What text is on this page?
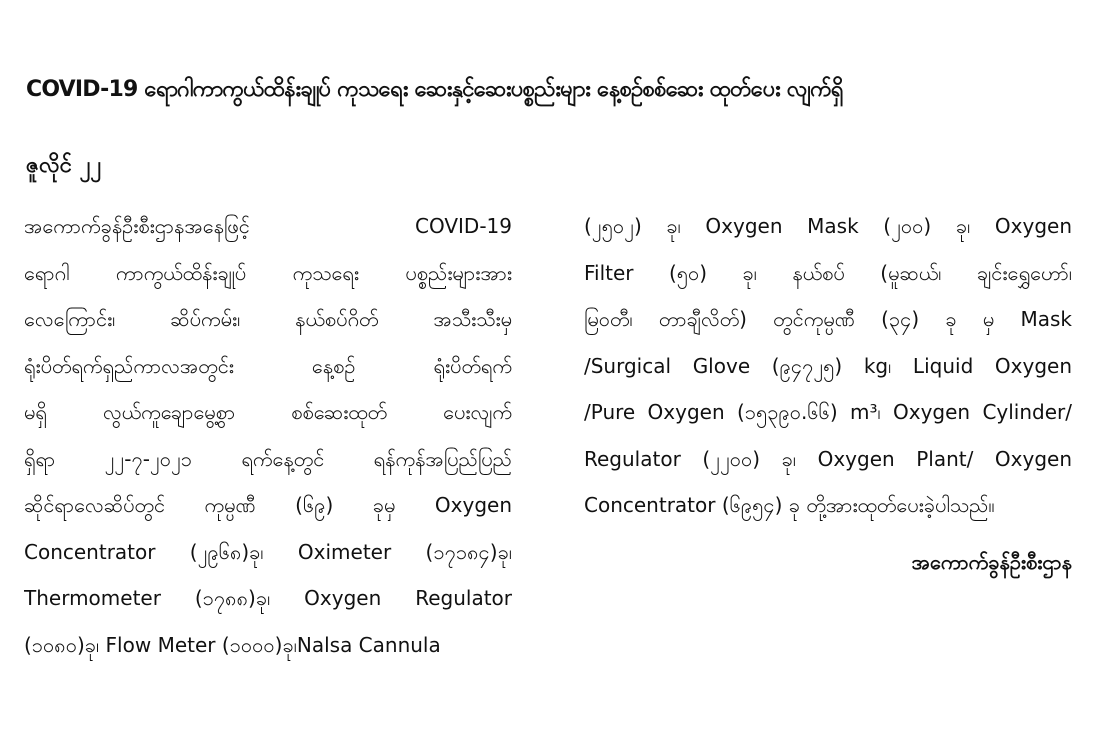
COVID-19 ရောဂါကာကွယ်ထိန်းချုပ် ကုသရေး ဆေးနှင့်ဆေးပစ္စည်းများ နေ့စဉ်စစ်ဆေး ထုတ်ပေး လျက်ရှိ
ဇူလိုင် ၂၂
အကောက်ခွန်ဦးစီးဌာနအနေဖြင့် COVID-19
ရောဂါ ကာကွယ်ထိန်းချုပ် ကုသရေး ပစ္စည်းများအား
လေကြောင်း၊ ဆိပ်ကမ်း၊ နယ်စပ်ဂိတ် အသီးသီးမှ
ရုံးပိတ်ရက်ရှည်ကာလအတွင်း နေ့စဉ် ရုံးပိတ်ရက်
မရှိ လွယ်ကူချောမွေ့စွာ စစ်ဆေးထုတ် ပေးလျက်
ရှိရာ ၂၂-၇-၂၀၂၁ ရက်နေ့တွင် ရန်ကုန်အပြည်ပြည်
ဆိုင်ရာလေဆိပ်တွင် ကုမ္ပဏီ (၆၉) ခုမှ Oxygen
Concentrator (၂၉၆၈)ခု၊ Oximeter (၁၇၁၈၄)ခု၊
Thermometer (၁၇၈၈)ခု၊ Oxygen Regulator
(၁၀၈၀)ခု၊ Flow Meter (၁၀၀၀)ခု၊Nalsa Cannula
(၂၅၀၂) ခု၊ Oxygen Mask (၂၀၀) ခု၊ Oxygen
Filter (၅၀) ခု၊ နယ်စပ် (မူဆယ်၊ ချင်းရွှေဟော်၊
မြဝတီ၊ တာချီလိတ်) တွင်ကုမ္ပဏီ (၃၄) ခု မှ Mask
/Surgical Glove (၉၄၇၂၅) kg၊ Liquid Oxygen
/Pure Oxygen (၁၅၃၉၀.၆၆) m³၊ Oxygen Cylinder/
Regulator (၂၂၀၀) ခု၊ Oxygen Plant/ Oxygen
Concentrator (၆၉၅၄) ခု တို့အားထုတ်ပေးခဲ့ပါသည်။
အကောက်ခွန်ဦးစီးဌာန
